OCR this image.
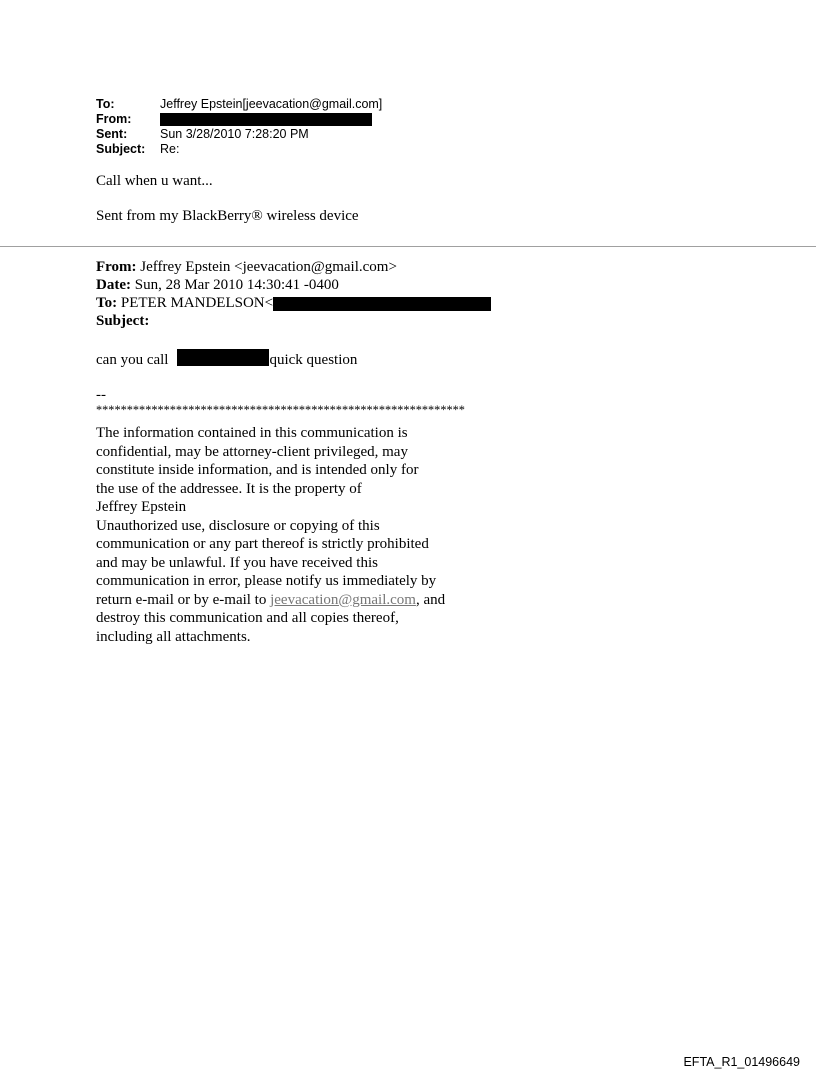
To:	Jeffrey Epstein[jeevacation@gmail.com]
From:
Sent:	Sun 3/28/2010 7:28:20 PM
Subject: Re:
Call when u want...
Sent from my BlackBerry® wireless device
From: Jeffrey Epstein <jeevacation@gmail.com>
Date: Sun, 28 Mar 2010 14:30:41 -0400
To: PETER MANDELSON<
Subject:
can you call	quick question
--
************************************************************
The information contained in this communication is
confidential, may be attorney-client privileged, may
constitute inside information, and is intended only for
the use of the addressee. It is the property of
Jeffrey Epstein
Unauthorized use, disclosure or copying of this
communication or any part thereof is strictly prohibited
and may be unlawful. If you have received this
communication in error, please notify us immediately by
return e-mail or by e-mail to jeevacation@gmail.com, and
destroy this communication and all copies thereof,
including all attachments.
EFTA_R1_01496649
